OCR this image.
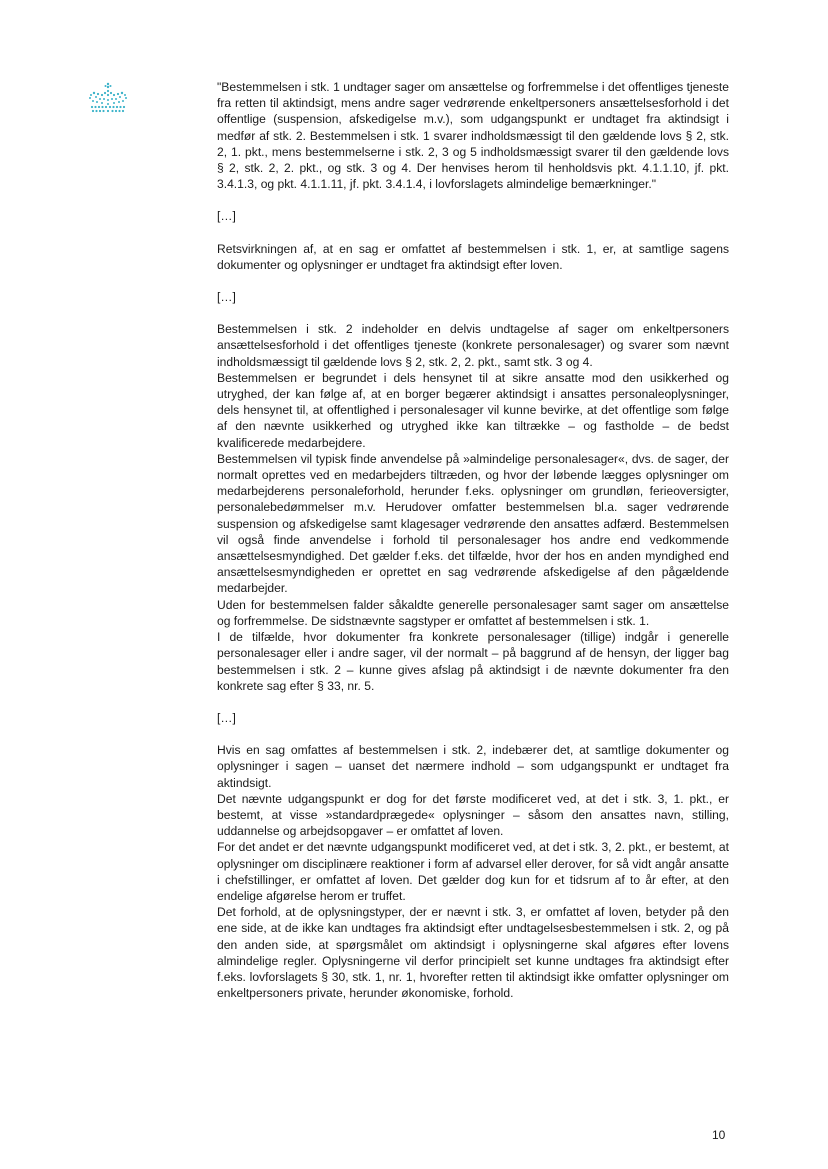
"Bestemmelsen i stk. 1 undtager sager om ansættelse og forfremmelse i det offentliges tjeneste fra retten til aktindsigt, mens andre sager vedrørende enkeltpersoners ansættelsesforhold i det offentlige (suspension, afskedigelse m.v.), som udgangspunkt er undtaget fra aktindsigt i medfør af stk. 2. Bestemmelsen i stk. 1 svarer indholdsmæssigt til den gældende lovs § 2, stk. 2, 1. pkt., mens bestemmelserne i stk. 2, 3 og 5 indholdsmæssigt svarer til den gældende lovs § 2, stk. 2, 2. pkt., og stk. 3 og 4. Der henvises herom til henholdsvis pkt. 4.1.1.10, jf. pkt. 3.4.1.3, og pkt. 4.1.1.11, jf. pkt. 3.4.1.4, i lovforslagets almindelige bemærkninger."

[…]

Retsvirkningen af, at en sag er omfattet af bestemmelsen i stk. 1, er, at samtlige sagens dokumenter og oplysninger er undtaget fra aktindsigt efter loven.

[…]

Bestemmelsen i stk. 2 indeholder en delvis undtagelse af sager om enkeltpersoners ansættelsesforhold i det offentliges tjeneste (konkrete personalesager) og svarer som nævnt indholdsmæssigt til gældende lovs § 2, stk. 2, 2. pkt., samt stk. 3 og 4.

Bestemmelsen er begrundet i dels hensynet til at sikre ansatte mod den usikkerhed og utryghed, der kan følge af, at en borger begærer aktindsigt i ansattes personaleoplysninger, dels hensynet til, at offentlighed i personalesager vil kunne bevirke, at det offentlige som følge af den nævnte usikkerhed og utryghed ikke kan tiltrække – og fastholde – de bedst kvalificerede medarbejdere.

Bestemmelsen vil typisk finde anvendelse på »almindelige personalesager«, dvs. de sager, der normalt oprettes ved en medarbejders tiltræden, og hvor der løbende lægges oplysninger om medarbejderens personaleforhold, herunder f.eks. oplysninger om grundløn, ferieoversigter, personalebedømmelser m.v. Herudover omfatter bestemmelsen bl.a. sager vedrørende suspension og afskedigelse samt klagesager vedrørende den ansattes adfærd. Bestemmelsen vil også finde anvendelse i forhold til personalesager hos andre end vedkommende ansættelsesmyndighed. Det gælder f.eks. det tilfælde, hvor der hos en anden myndighed end ansættelsesmyndigheden er oprettet en sag vedrørende afskedigelse af den pågældende medarbejder.

Uden for bestemmelsen falder såkaldte generelle personalesager samt sager om ansættelse og forfremmelse. De sidstnævnte sagstyper er omfattet af bestemmelsen i stk. 1.

I de tilfælde, hvor dokumenter fra konkrete personalesager (tillige) indgår i generelle personalesager eller i andre sager, vil der normalt – på baggrund af de hensyn, der ligger bag bestemmelsen i stk. 2 – kunne gives afslag på aktindsigt i de nævnte dokumenter fra den konkrete sag efter § 33, nr. 5.

[…]

Hvis en sag omfattes af bestemmelsen i stk. 2, indebærer det, at samtlige dokumenter og oplysninger i sagen – uanset det nærmere indhold – som udgangspunkt er undtaget fra aktindsigt.

Det nævnte udgangspunkt er dog for det første modificeret ved, at det i stk. 3, 1. pkt., er bestemt, at visse »standardprægede« oplysninger – såsom den ansattes navn, stilling, uddannelse og arbejdsopgaver – er omfattet af loven.

For det andet er det nævnte udgangspunkt modificeret ved, at det i stk. 3, 2. pkt., er bestemt, at oplysninger om disciplinære reaktioner i form af advarsel eller derover, for så vidt angår ansatte i chefstillinger, er omfattet af loven. Det gælder dog kun for et tidsrum af to år efter, at den endelige afgørelse herom er truffet.

Det forhold, at de oplysningstyper, der er nævnt i stk. 3, er omfattet af loven, betyder på den ene side, at de ikke kan undtages fra aktindsigt efter undtagelsesbestemmelsen i stk. 2, og på den anden side, at spørgsmålet om aktindsigt i oplysningerne skal afgøres efter lovens almindelige regler. Oplysningerne vil derfor principielt set kunne undtages fra aktindsigt efter f.eks. lovforslagets § 30, stk. 1, nr. 1, hvorefter retten til aktindsigt ikke omfatter oplysninger om enkeltpersoners private, herunder økonomiske, forhold.

10
